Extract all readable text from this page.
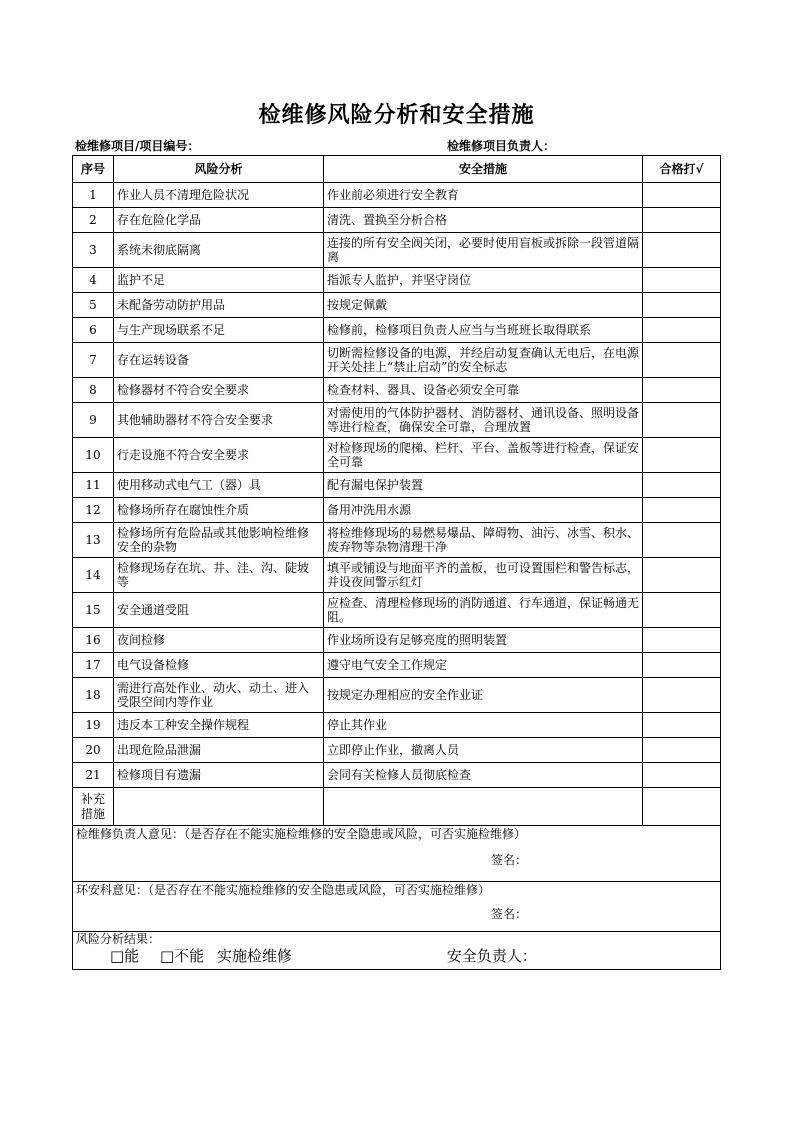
检维修风险分析和安全措施
检维修项目/项目编号：	检维修项目负责人：
序号	风险分析	安全措施	合格打√
1	作业人员不清理危险状况	作业前必须进行安全教育	
2	存在危险化学品	清洗、置换至分析合格	
3	系统未彻底隔离	连接的所有安全阀关闭，必要时使用盲板或拆除一段管道隔离	
4	监护不足	指派专人监护，并坚守岗位	
5	未配备劳动防护用品	按规定佩戴	
6	与生产现场联系不足	检修前，检修项目负责人应当与当班班长取得联系	
7	存在运转设备	切断需检修设备的电源，并经启动复查确认无电后，在电源开关处挂上“禁止启动”的安全标志	
8	检修器材不符合安全要求	检查材料、器具、设备必须安全可靠	
9	其他辅助器材不符合安全要求	对需使用的气体防护器材、消防器材、通讯设备、照明设备等进行检查，确保安全可靠，合理放置	
10	行走设施不符合安全要求	对检修现场的爬梯、栏杆、平台、盖板等进行检查，保证安全可靠	
11	使用移动式电气工（器）具	配有漏电保护装置	
12	检修场所存在腐蚀性介质	备用冲洗用水源	
13	检修场所有危险品或其他影响检维修安全的杂物	将检维修现场的易燃易爆品、障碍物、油污、冰雪、积水、废弃物等杂物清理干净	
14	检修现场存在坑、井、洼、沟、陡坡等	填平或铺设与地面平齐的盖板，也可设置围栏和警告标志，并设夜间警示红灯	
15	安全通道受阻	应检查、清理检修现场的消防通道、行车通道，保证畅通无阻。	
16	夜间检修	作业场所设有足够亮度的照明装置	
17	电气设备检修	遵守电气安全工作规定	
18	需进行高处作业、动火、动土、进入受限空间内等作业	按规定办理相应的安全作业证	
19	违反本工种安全操作规程	停止其作业	
20	出现危险品泄漏	立即停止作业，撤离人员	
21	检修项目有遗漏	会同有关检修人员彻底检查	
补充措施			

检维修负责人意见：（是否存在不能实施检维修的安全隐患或风险，可否实施检维修）
签名：			

环安科意见：（是否存在不能实施检维修的安全隐患或风险，可否实施检维修）
签名：			

风险分析结果：
□能 □不能 实施检维修 安全负责人：			
